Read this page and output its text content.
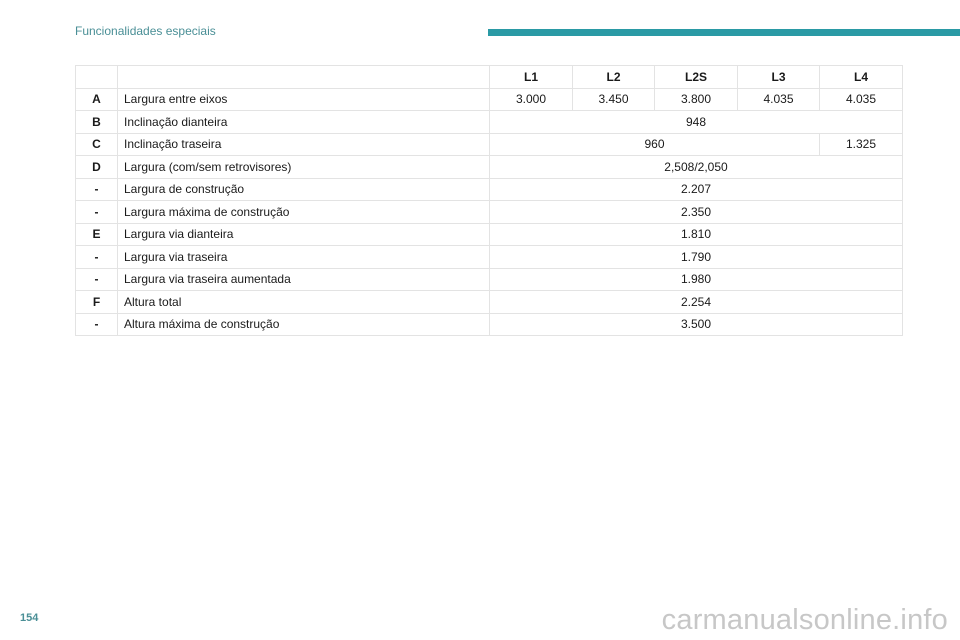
Funcionalidades especiais
		L1	L2	L2S	L3	L4
A	Largura entre eixos	3.000	3.450	3.800	4.035	4.035
B	Inclinação dianteira	948				
C	Inclinação traseira	960				1.325
D	Largura (com/sem retrovisores)	2,508/2,050				
-	Largura de construção	2.207				
-	Largura máxima de construção	2.350				
E	Largura via dianteira	1.810				
-	Largura via traseira	1.790				
-	Largura via traseira aumentada	1.980				
F	Altura total	2.254				
-	Altura máxima de construção	3.500				
154	carmanualsonline.info
